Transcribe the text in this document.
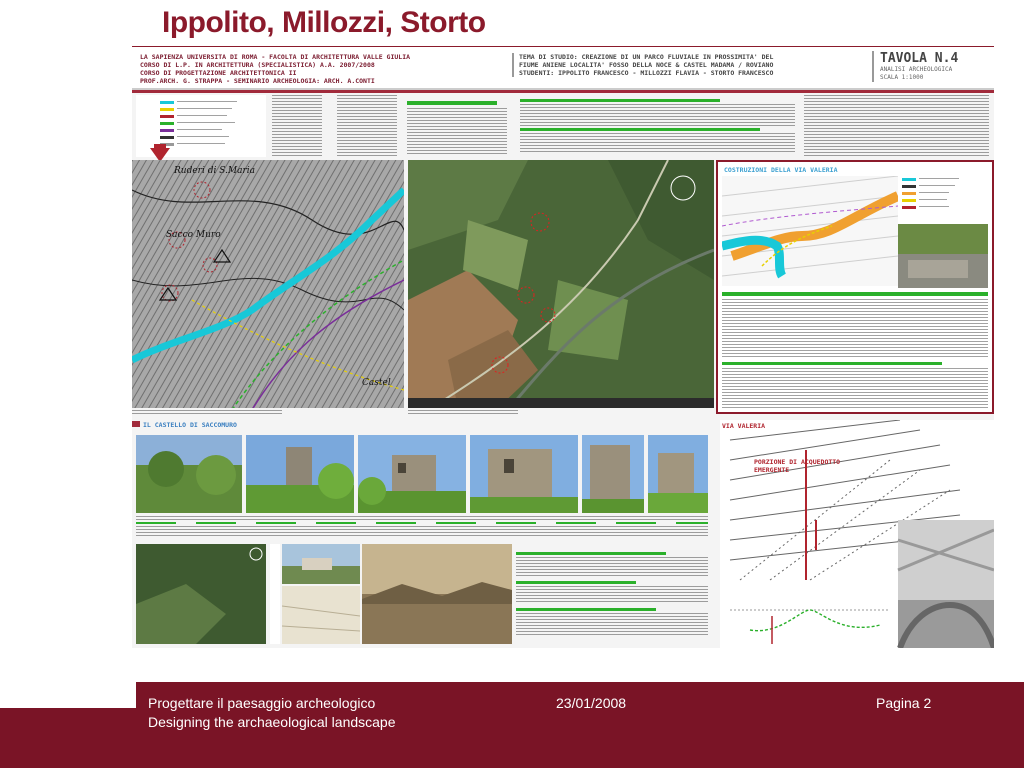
Ippolito, Millozzi, Storto
LA SAPIENZA UNIVERSITA DI ROMA - FACOLTA DI ARCHITETTURA VALLE GIULIA
CORSO DI L.P. IN ARCHITETTURA (SPECIALISTICA) A.A. 2007/2008
CORSO DI PROGETTAZIONE ARCHITETTONICA II
PROF.ARCH. G. STRAPPA - SEMINARIO ARCHEOLOGIA: ARCH. A.CONTI
TEMA DI STUDIO: CREAZIONE DI UN PARCO FLUVIALE IN PROSSIMITA' DEL
FIUME ANIENE LOCALITA' FOSSO DELLA NOCE & CASTEL MADAMA / ROVIANO
STUDENTI: IPPOLITO FRANCESCO - MILLOZZI FLAVIA - STORTO FRANCESCO
TAVOLA N.4
ANALISI ARCHEOLOGICA
SCALA 1:1000
Ruderi di S.Maria
Sacco Muro
Castel
COSTRUZIONI DELLA VIA VALERIA
IL CASTELLO DI SACCOMURO	VIA VALERIA
PORZIONE DI ACQUEDOTTO EMERGENTE
Progettare il paesaggio archeologico
Designing the archaeological landscape
23/01/2008	Pagina 2
